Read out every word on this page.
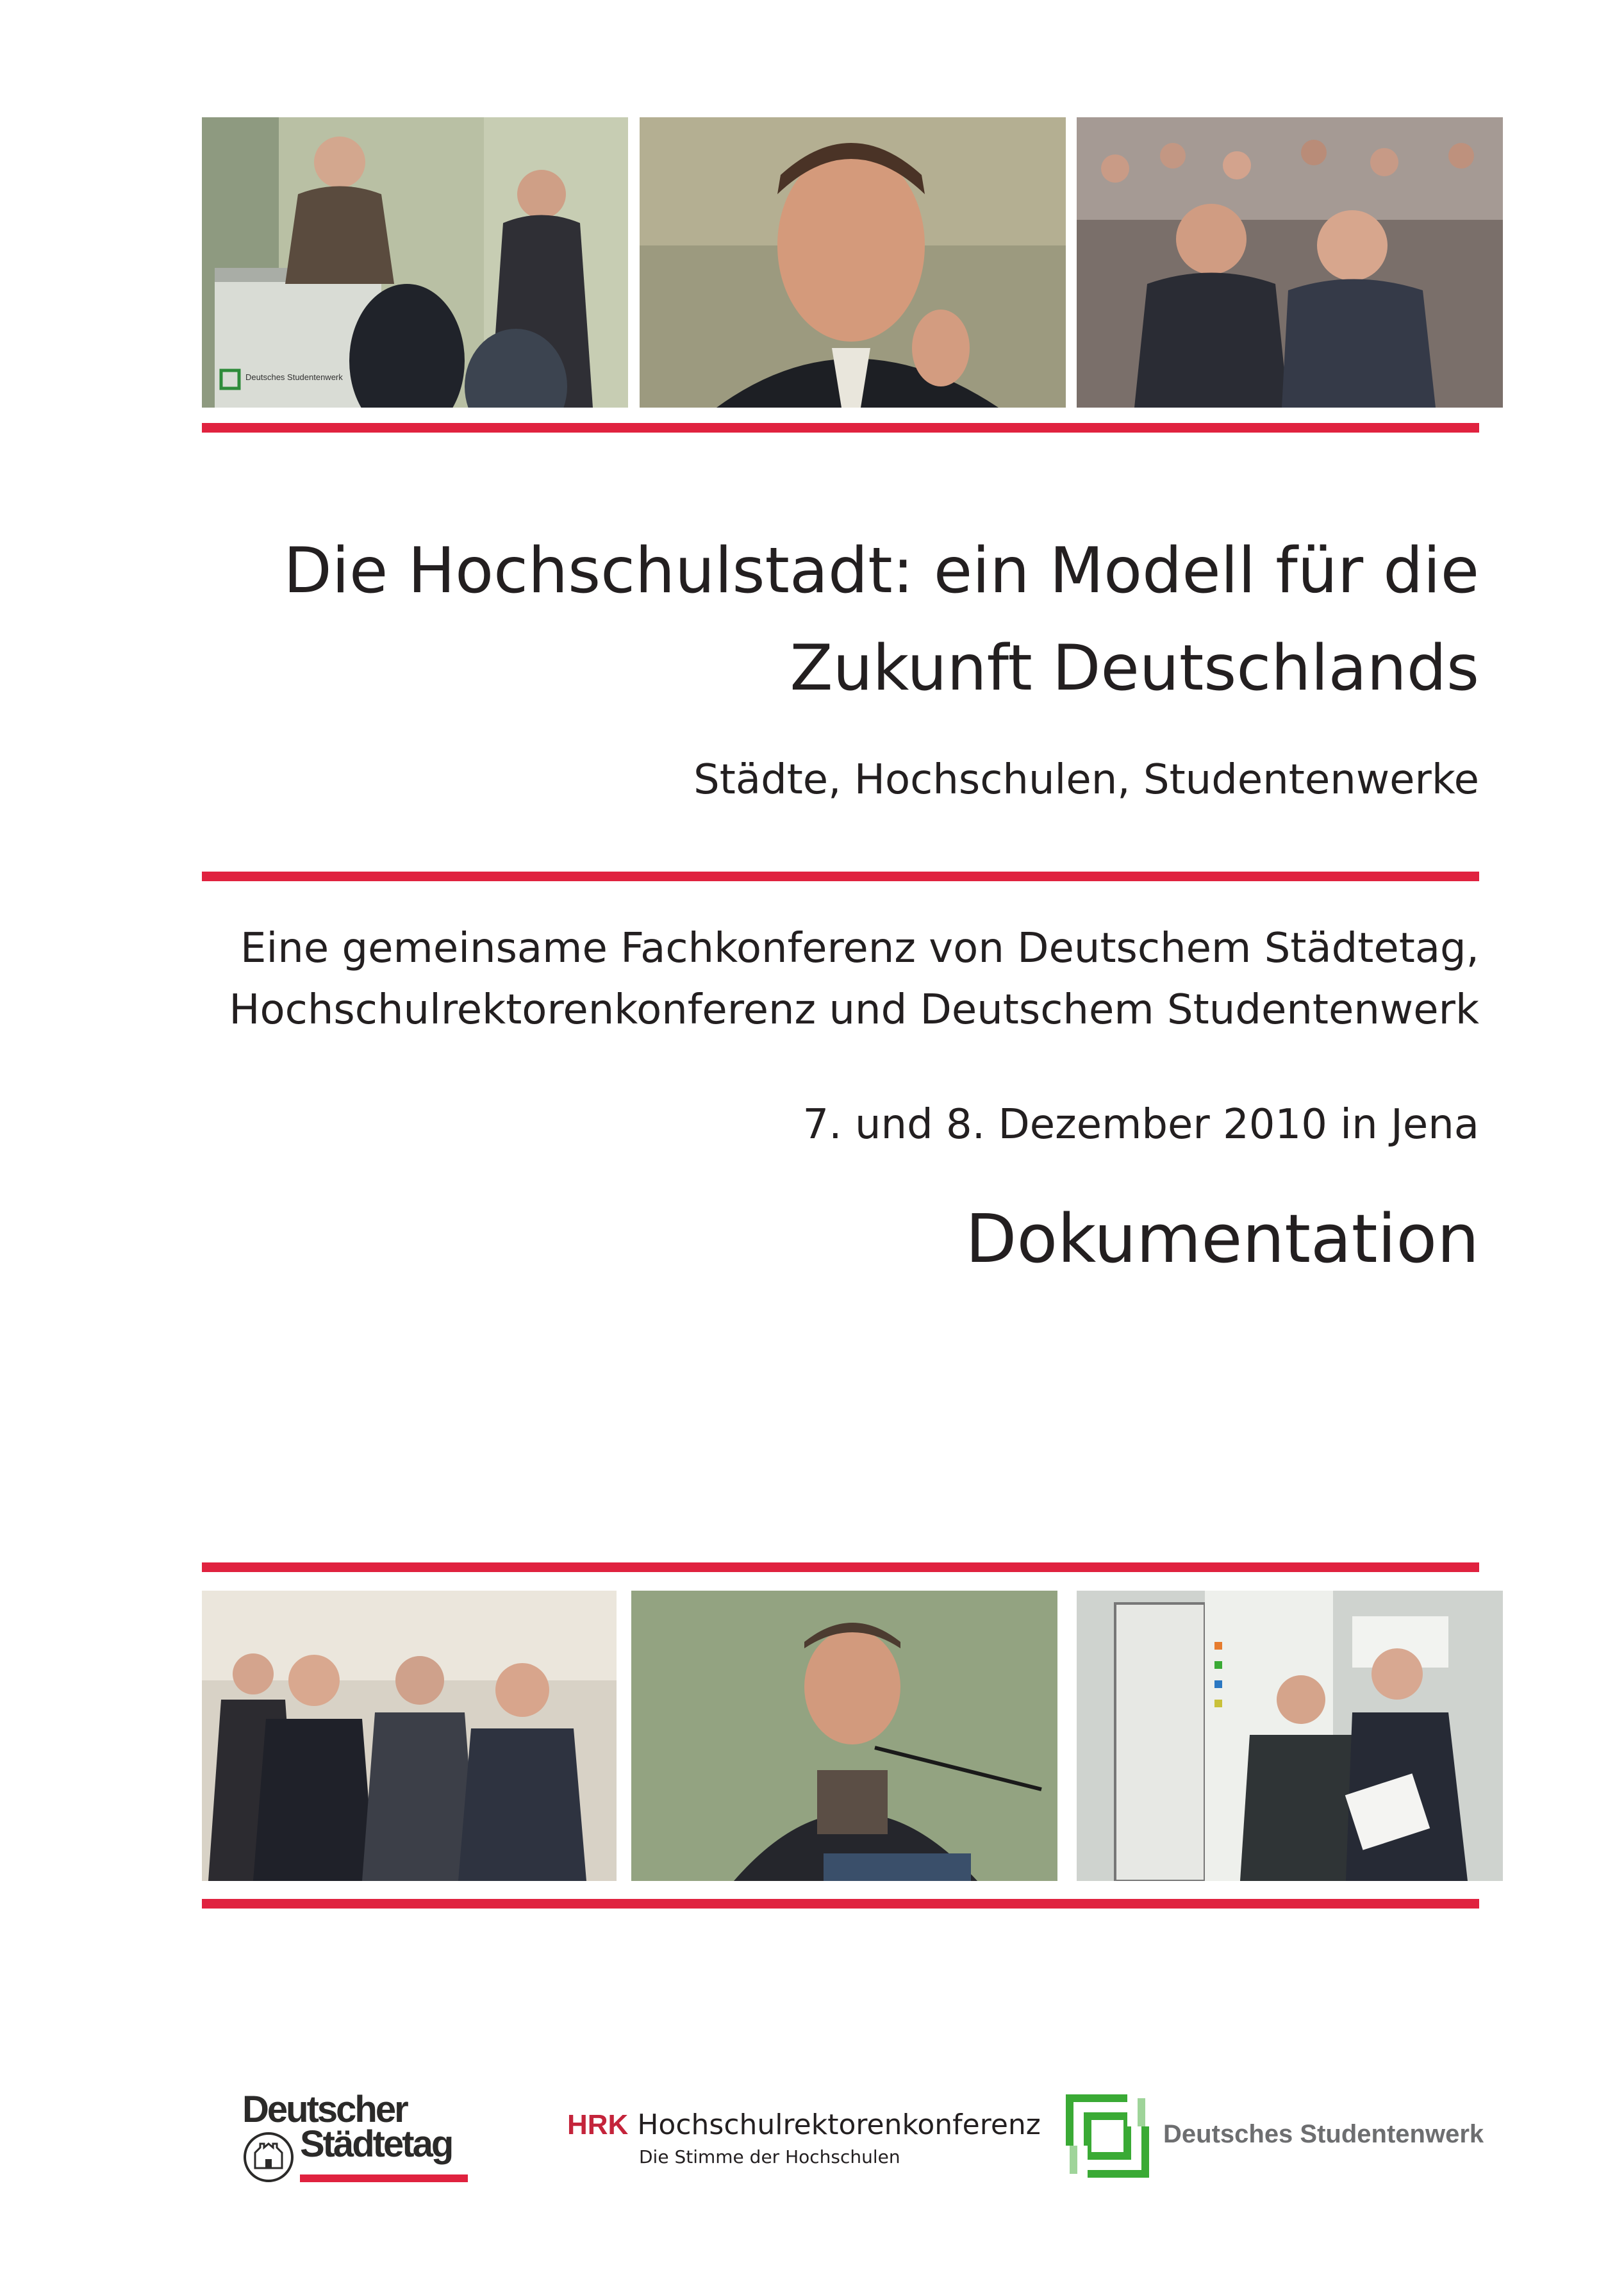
Deutsches Studentenwerk
Die Hochschulstadt: ein Modell für die
Zukunft Deutschlands
Städte, Hochschulen, Studentenwerke
Eine gemeinsame Fachkonferenz von Deutschem Städtetag,
Hochschulrektorenkonferenz und Deutschem Studentenwerk
7. und 8. Dezember 2010 in Jena
Dokumentation
Deutscher
Städtetag	HRK Hochschulrektorenkonferenz
Die Stimme der Hochschulen
Deutsches Studentenwerk
